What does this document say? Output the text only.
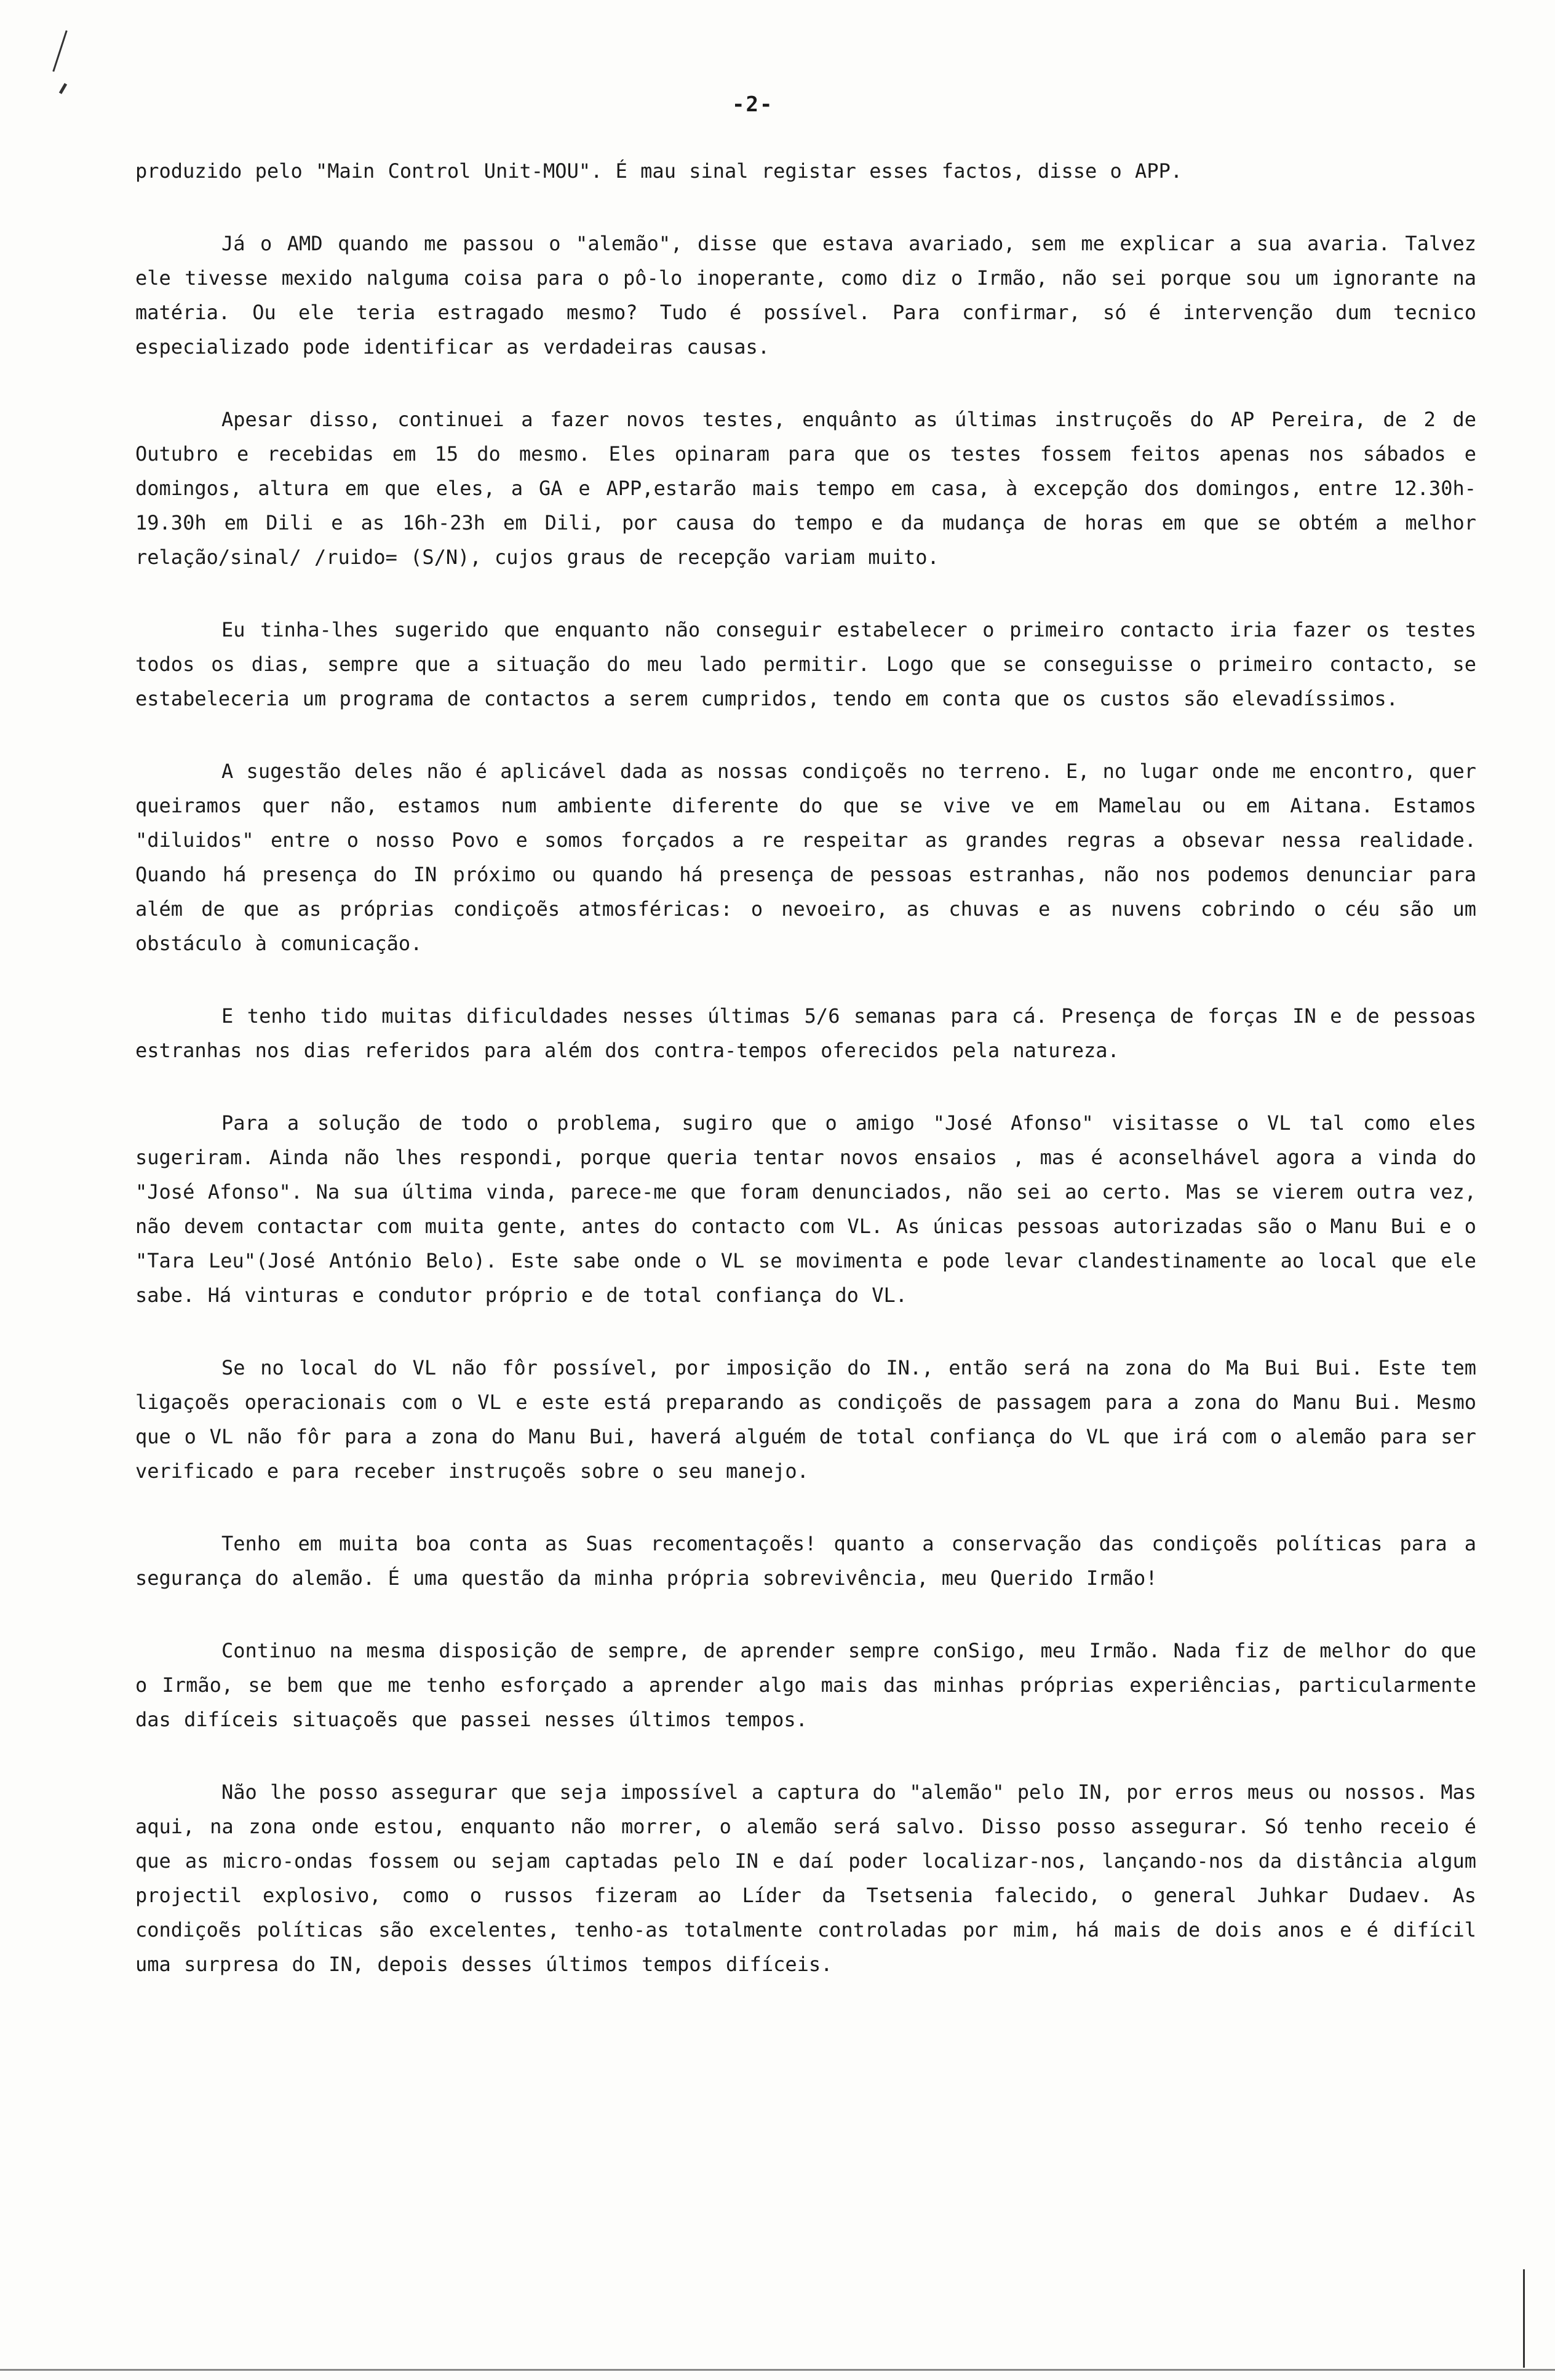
-2-

produzido pelo "Main Control Unit-MOU". É mau sinal registar esses factos, disse o APP.

Já o AMD quando me passou o "alemão", disse que estava avariado, sem me explicar a sua avaria. Talvez ele tivesse mexido nalguma coisa para o pô-lo inoperante, como diz o Irmão, não sei porque sou um ignorante na matéria. Ou ele teria estragado mesmo? Tudo é possível. Para confirmar, só é intervenção dum tecnico especializado pode identificar as verdadeiras causas.

Apesar disso, continuei a fazer novos testes, enquânto as últimas instruçoẽs do AP Pereira, de 2 de Outubro e recebidas em 15 do mesmo. Eles opinaram para que os testes fossem feitos apenas nos sábados e domingos, altura em que eles, a GA e APP,estarão mais tempo em casa, à excepção dos domingos, entre 12.30h-19.30h em Dili e as 16h-23h em Dili, por causa do tempo e da mudança de horas em que se obtém a melhor relação/sinal/ /ruido= (S/N), cujos graus de recepção variam muito.

Eu tinha-lhes sugerido que enquanto não conseguir estabelecer o primeiro contacto iria fazer os testes todos os dias, sempre que a situação do meu lado permitir. Logo que se conseguisse o primeiro contacto, se estabeleceria um programa de contactos a serem cumpridos, tendo em conta que os custos são elevadíssimos.

A sugestão deles não é aplicável dada as nossas condiçoẽs no terreno. E, no lugar onde me encontro, quer queiramos quer não, estamos num ambiente diferente do que se vive ve em Mamelau ou em Aitana. Estamos "diluidos" entre o nosso Povo e somos forçados a re respeitar as grandes regras a obsevar nessa realidade. Quando há presença do IN próximo ou quando há presença de pessoas estranhas, não nos podemos denunciar para além de que as próprias condiçoẽs atmosféricas: o nevoeiro, as chuvas e as nuvens cobrindo o céu são um obstáculo à comunicação.

E tenho tido muitas dificuldades nesses últimas 5/6 semanas para cá. Presença de forças IN e de pessoas estranhas nos dias referidos para além dos contra-tempos oferecidos pela natureza.

Para a solução de todo o problema, sugiro que o amigo "José Afonso" visitasse o VL tal como eles sugeriram. Ainda não lhes respondi, porque queria tentar novos ensaios , mas é aconselhável agora a vinda do "José Afonso". Na sua última vinda, parece-me que foram denunciados, não sei ao certo. Mas se vierem outra vez, não devem contactar com muita gente, antes do contacto com VL. As únicas pessoas autorizadas são o Manu Bui e o "Tara Leu"(José António Belo). Este sabe onde o VL se movimenta e pode levar clandestinamente ao local que ele sabe. Há vinturas e condutor próprio e de total confiança do VL.

Se no local do VL não fôr possível, por imposição do IN., então será na zona do Ma Bui Bui. Este tem ligaçoẽs operacionais com o VL e este está preparando as condiçoẽs de passagem para a zona do Manu Bui. Mesmo que o VL não fôr para a zona do Manu Bui, haverá alguém de total confiança do VL que irá com o alemão para ser verificado e para receber instruçoẽs sobre o seu manejo.

Tenho em muita boa conta as Suas recomentaçoẽs! quanto a conservação das condiçoẽs políticas para a segurança do alemão. É uma questão da minha própria sobrevivência, meu Querido Irmão!

Continuo na mesma disposição de sempre, de aprender sempre conSigo, meu Irmão. Nada fiz de melhor do que o Irmão, se bem que me tenho esforçado a aprender algo mais das minhas próprias experiências, particularmente das difíceis situaçoẽs que passei nesses últimos tempos.

Não lhe posso assegurar que seja impossível a captura do "alemão" pelo IN, por erros meus ou nossos. Mas aqui, na zona onde estou, enquanto não morrer, o alemão será salvo. Disso posso assegurar. Só tenho receio é que as micro-ondas fossem ou sejam captadas pelo IN e daí poder localizar-nos, lançando-nos da distância algum projectil explosivo, como o russos fizeram ao Líder da Tsetsenia falecido, o general Juhkar Dudaev. As condiçoẽs políticas são excelentes, tenho-as totalmente controladas por mim, há mais de dois anos e é difícil uma surpresa do IN, depois desses últimos tempos difíceis.
